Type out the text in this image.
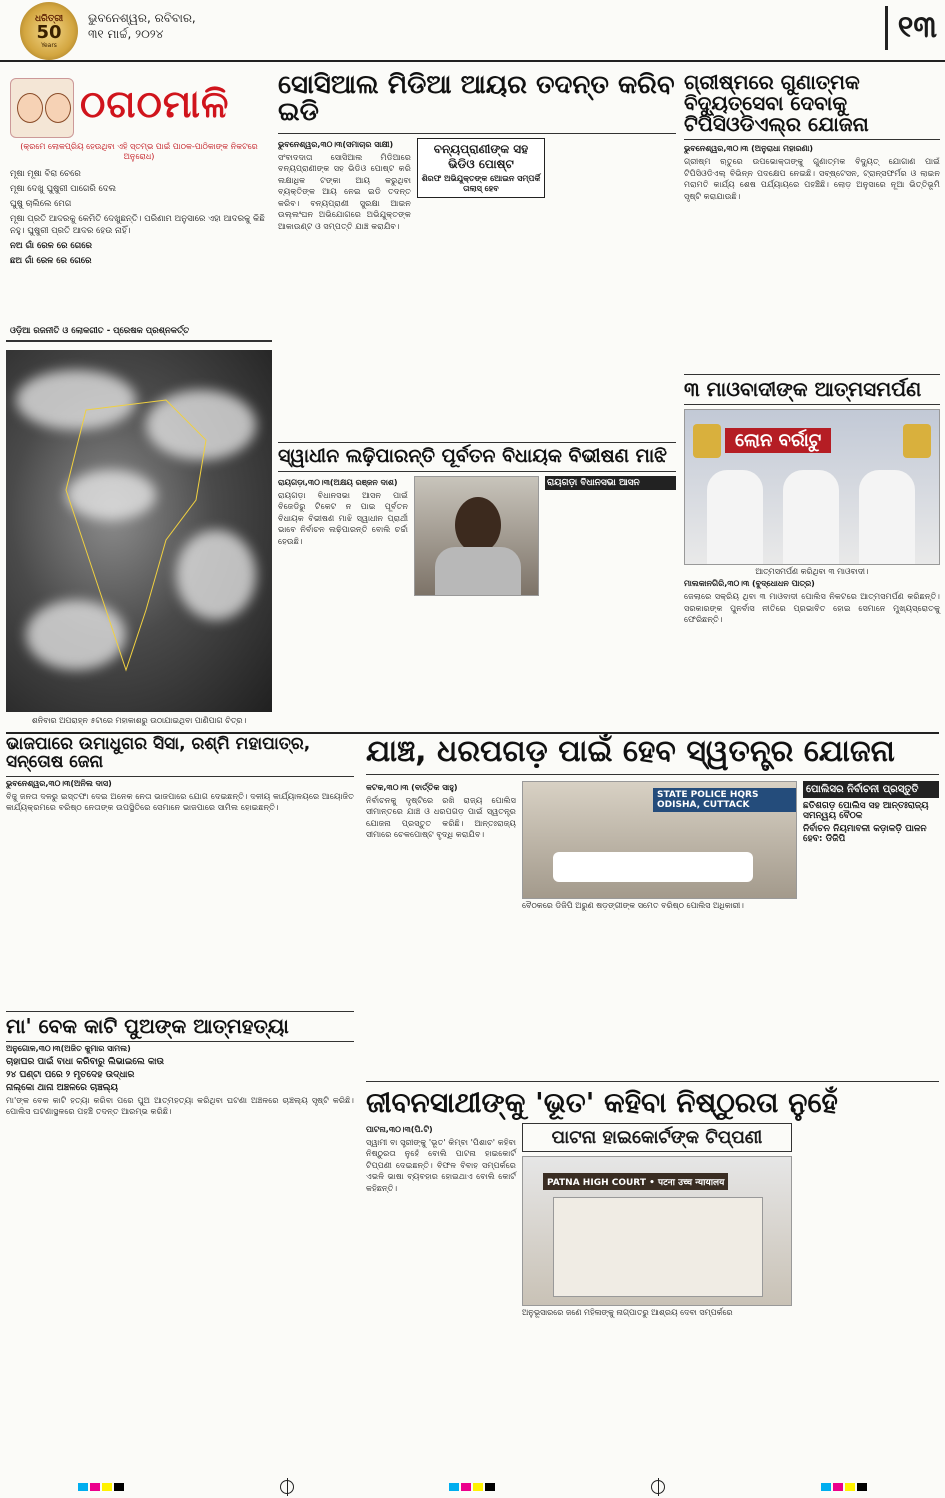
ଧରିତ୍ରୀ
50
Years
ଭୁବନେଶ୍ୱର, ରବିବାର,
୩୧ ମାର୍ଚ୍ଚ, ୨୦୨୪	୧୩
ଠଗଠମାଳି
(କ୍ରମେ ଲୋକପ୍ରିୟ ହେଉଥିବା ଏହି ସ୍ତମ୍ଭ ପାଇଁ ପାଠକ-ପାଠିକାଙ୍କ ନିକଟରେ ଅନୁରୋଧ)

ମୂଷା ମୂଷା ବିରା ଚେରେ

ମୂଷା ଦେଖୁ ଘୁଷୁରୀ ପାଗେରି ଦେଲ

ଘୁଷୁ ଚାଲିଲେ ମେଗ

ମୂଷା ପ୍ରତି ଆଦରକୁ କେମିତି ଦେଖୁଛନ୍ତି। ପରିଣାମ ଅନୁସାରେ ଏହା ଆଦରକୁ କିଛି ନହୁ। ଘୁଷୁରୀ ପ୍ରତି ଆଦର ହେଉ ନାହିଁ।

ନଅ ଗାଁ ରେଳ ରେ ଗେରେ

ଛଅ ଗାଁ ରେଳ ରେ ଗେରେ

ଓଡ଼ିଆ ରଜନୀତି ଓ ଲୋକଗୀତ - ପ୍ରେଷକ ପ୍ରଶ୍ନକର୍ତ୍ତ
ଶନିବାର ଅପରାହ୍ନ ୫ଟାରେ ମହାକାଶରୁ ଉଠାଯାଇଥିବା ପାଣିପାଗ ଚିତ୍ର।
ସୋସିଆଲ ମିଡିଆ ଆୟର ତଦନ୍ତ କରିବ ଇଡି
ଭୁବନେଶ୍ୱର,୩୦।୩(ସମାଚାର ସାକ୍ଷୀ)
ସଂବାଦଦାତା ସୋସିଆଲ ମିଡିଆରେ ବନ୍ୟପ୍ରାଣୀଙ୍କ ସହ ଭିଡିଓ ପୋଷ୍ଟ କରି ଲକ୍ଷାଧିକ ଟଙ୍କା ଆୟ କରୁଥିବା ବ୍ୟକ୍ତିଙ୍କ ଆୟ ନେଇ ଇଡି ତଦନ୍ତ କରିବ। ବନ୍ୟପ୍ରାଣୀ ସୁରକ୍ଷା ଆଇନ ଉଲ୍ଲଂଘନ ଅଭିଯୋଗରେ ଅଭିଯୁକ୍ତଙ୍କ ଆକାଉଣ୍ଟ ଓ ସମ୍ପତ୍ତି ଯାଞ୍ଚ କରାଯିବ।
ବନ୍ୟପ୍ରାଣୀଙ୍କ ସହ ଭିଡିଓ ପୋଷ୍ଟ
ଶିରଫ ଅଭିଯୁକ୍ତଙ୍କ ଅୋଇନ ସମ୍ପର୍କି ତାଲାସ୍ ହେବ
ସ୍ୱାଧୀନ ଲଢ଼ିପାରନ୍ତି ପୂର୍ବତନ ବିଧାୟକ ବିଭୀଷଣ ମାଝି
ରାୟଗଡ଼ା,୩୦।୩(ଅକ୍ଷୟ ରଞ୍ଜନ ଦାଶ)
ରାୟଗଡ଼ା ବିଧାନସଭା ଆସନ ପାଇଁ ବିଜେଡିରୁ ଟିକେଟ ନ ପାଇ ପୂର୍ବତନ ବିଧାୟକ ବିଭୀଷଣ ମାଝି ସ୍ୱାଧୀନ ପ୍ରାର୍ଥୀ ଭାବେ ନିର୍ବାଚନ ଲଢ଼ିପାରନ୍ତି ବୋଲି ଚର୍ଚ୍ଚା ହେଉଛି।
ରାୟଗଡ଼ା ବିଧାନସଭା ଆସନ
ଗ୍ରୀଷ୍ମରେ ଗୁଣାତ୍ମକ ବିଦ୍ୟୁତ୍‌ସେବା ଦେବାକୁ ଟିପିସିଓଡିଏଲ୍‌ର ଯୋଜନା
ଭୁବନେଶ୍ୱର,୩୦।୩ (ଅନୁରାଧା ମହାରଣା)
ଗ୍ରୀଷ୍ମ ଋତୁରେ ଉପଭୋକ୍ତାଙ୍କୁ ଗୁଣାତ୍ମକ ବିଦ୍ୟୁତ୍ ଯୋଗାଣ ପାଇଁ ଟିପିସିଓଡିଏଲ୍ ବିଭିନ୍ନ ପଦକ୍ଷେପ ନେଇଛି। ସବ୍‌ଷ୍ଟେସନ, ଟ୍ରାନ୍ସଫର୍ମର ଓ ଲାଇନ ମରାମତି କାର୍ଯ୍ୟ ଶେଷ ପର୍ଯ୍ୟାୟରେ ପହଞ୍ଚିଛି। ଲୋଡ଼ ଅନୁସାରେ ନୂଆ ଭିତ୍ତିଭୂମି ସୃଷ୍ଟି କରାଯାଉଛି।
୩ ମାଓବାଦୀଙ୍କ ଆତ୍ମସମର୍ପଣ
ଲୋନ ବର୍ରାଟୁ
ଆତ୍ମସମର୍ପଣ କରିଥିବା ୩ ମାଓବାଦୀ।
ମାଲକାନଗିରି,୩୦।୩ (ବୁଦ୍ଧୋଧନ ପାତ୍ର)
ଜେଲାରେ ସକ୍ରିୟ ଥିବା ୩ ମାଓବାଦୀ ପୋଲିସ ନିକଟରେ ଆତ୍ମସମର୍ପଣ କରିଛନ୍ତି। ସରକାରଙ୍କ ପୁନର୍ବାସ ନୀତିରେ ପ୍ରଭାବିତ ହୋଇ ସେମାନେ ମୁଖ୍ୟସ୍ରୋତକୁ ଫେରିଛନ୍ତି।
ଭାଜପାରେ ଉମାଧୁଗର ସିସା, ରଶ୍ମି ମହାପାତ୍ର, ସନ୍ତୋଷ ଜେନା
ଭୁବନେଶ୍ୱର,୩୦।୩(ଅନିଲ ଦାସ)
ବିଜୁ ଜନତା ଦଳରୁ ଇସ୍ତଫା ଦେଇ ଅନେକ ନେତା ଭାଜପାରେ ଯୋଗ ଦେଇଛନ୍ତି। ଦଳୀୟ କାର୍ଯ୍ୟାଳୟରେ ଆୟୋଜିତ କାର୍ଯ୍ୟକ୍ରମରେ ବରିଷ୍ଠ ନେତାଙ୍କ ଉପସ୍ଥିତିରେ ସେମାନେ ଭାଜପାରେ ସାମିଲ ହୋଇଛନ୍ତି।
ମା' ବେକ କାଟି ପୁଅଙ୍କ ଆତ୍ମହତ୍ୟା
ଅନୁଗୋଳ,୩୦।୩(ଅଜିତ କୁମାର ସାମଲ)
ଚାହାଘର ପାଇଁ ବାଧା କରିବାରୁ ଲିଭାଇଲେ କାଉ
୨୪ ଘଣ୍ଟା ପରେ ୨ ମୃତଦେହ ଉଦ୍ଧାର
ନାଲ୍‌କୋ ଥାନା ଅଞ୍ଚଳରେ ଚାଞ୍ଚଲ୍ୟ
ମା'ଙ୍କ ବେକ କାଟି ହତ୍ୟା କରିବା ପରେ ପୁଅ ଆତ୍ମହତ୍ୟା କରିଥିବା ଘଟଣା ଅଞ୍ଚଳରେ ଚାଞ୍ଚଲ୍ୟ ସୃଷ୍ଟି କରିଛି। ପୋଲିସ ଘଟଣାସ୍ଥଳରେ ପହଞ୍ଚି ତଦନ୍ତ ଆରମ୍ଭ କରିଛି।
ଯାଞ୍ଚ, ଧରପଗଡ଼ ପାଇଁ ହେବ ସ୍ୱତନ୍ତ୍ର ଯୋଜନା
କଟକ,୩୦।୩ (ବାର୍ତ୍ତିକ ସାହୁ)
ନିର୍ବାଚନକୁ ଦୃଷ୍ଟିରେ ରଖି ରାଜ୍ୟ ପୋଲିସ ସୀମାନ୍ତରେ ଯାଞ୍ଚ ଓ ଧରପଗଡ଼ ପାଇଁ ସ୍ୱତନ୍ତ୍ର ଯୋଜନା ପ୍ରସ୍ତୁତ କରିଛି। ଆନ୍ତଃରାଜ୍ୟ ସୀମାରେ ଚେକପୋଷ୍ଟ ବୃଦ୍ଧି କରାଯିବ।
STATE POLICE HQRS ODISHA, CUTTACK
ବୈଠକରେ ଡିଜିପି ଅରୁଣ ଷଡ଼ଙ୍ଗୀଙ୍କ ସମେତ ବରିଷ୍ଠ ପୋଲିସ ଅଧିକାରୀ।
ପୋଲିସର ନିର୍ବାଚନୀ ପ୍ରସ୍ତୁତି
ଛତିଶଗଡ଼ ପୋଲିସ ସହ ଆନ୍ତଃରାଜ୍ୟ ସମନ୍ୱୟ ବୈଠକ
ନିର୍ବାଚନ ନିୟମାବଳୀ କଡ଼ାକଡ଼ି ପାଳନ ହେବ: ଡିଜିପି
ଜୀବନସାଥୀଙ୍କୁ 'ଭୂତ' କହିବା ନିଷ୍ଠୁରତା ନୁହେଁ
ପାଟନା,୩୦।୩(ପି.ଟି)
ସ୍ୱାମୀ ବା ସ୍ତ୍ରୀଙ୍କୁ 'ଭୂତ' କିମ୍ବା 'ପିଶାଚ' କହିବା ନିଷ୍ଠୁରତା ନୁହେଁ ବୋଲି ପାଟନା ହାଇକୋର୍ଟ ଟିପ୍ପଣୀ ଦେଇଛନ୍ତି। ବିଫଳ ବିବାହ ସମ୍ପର୍କରେ ଏଭଳି ଭାଷା ବ୍ୟବହାର ହୋଇଥାଏ ବୋଲି କୋର୍ଟ କହିଛନ୍ତି।
ପାଟନା ହାଇକୋର୍ଟଙ୍କ ଟିପ୍ପଣୀ
PATNA HIGH COURT • पटना उच्च न्यायालय
ଅନୁଭୂସାରରେ ଜଣେ ମହିଳାଙ୍କୁ ନାଗ୍‌ପାତରୁ ଆଶ୍ରୟ ଦେବା ସମ୍ପର୍କରେ
